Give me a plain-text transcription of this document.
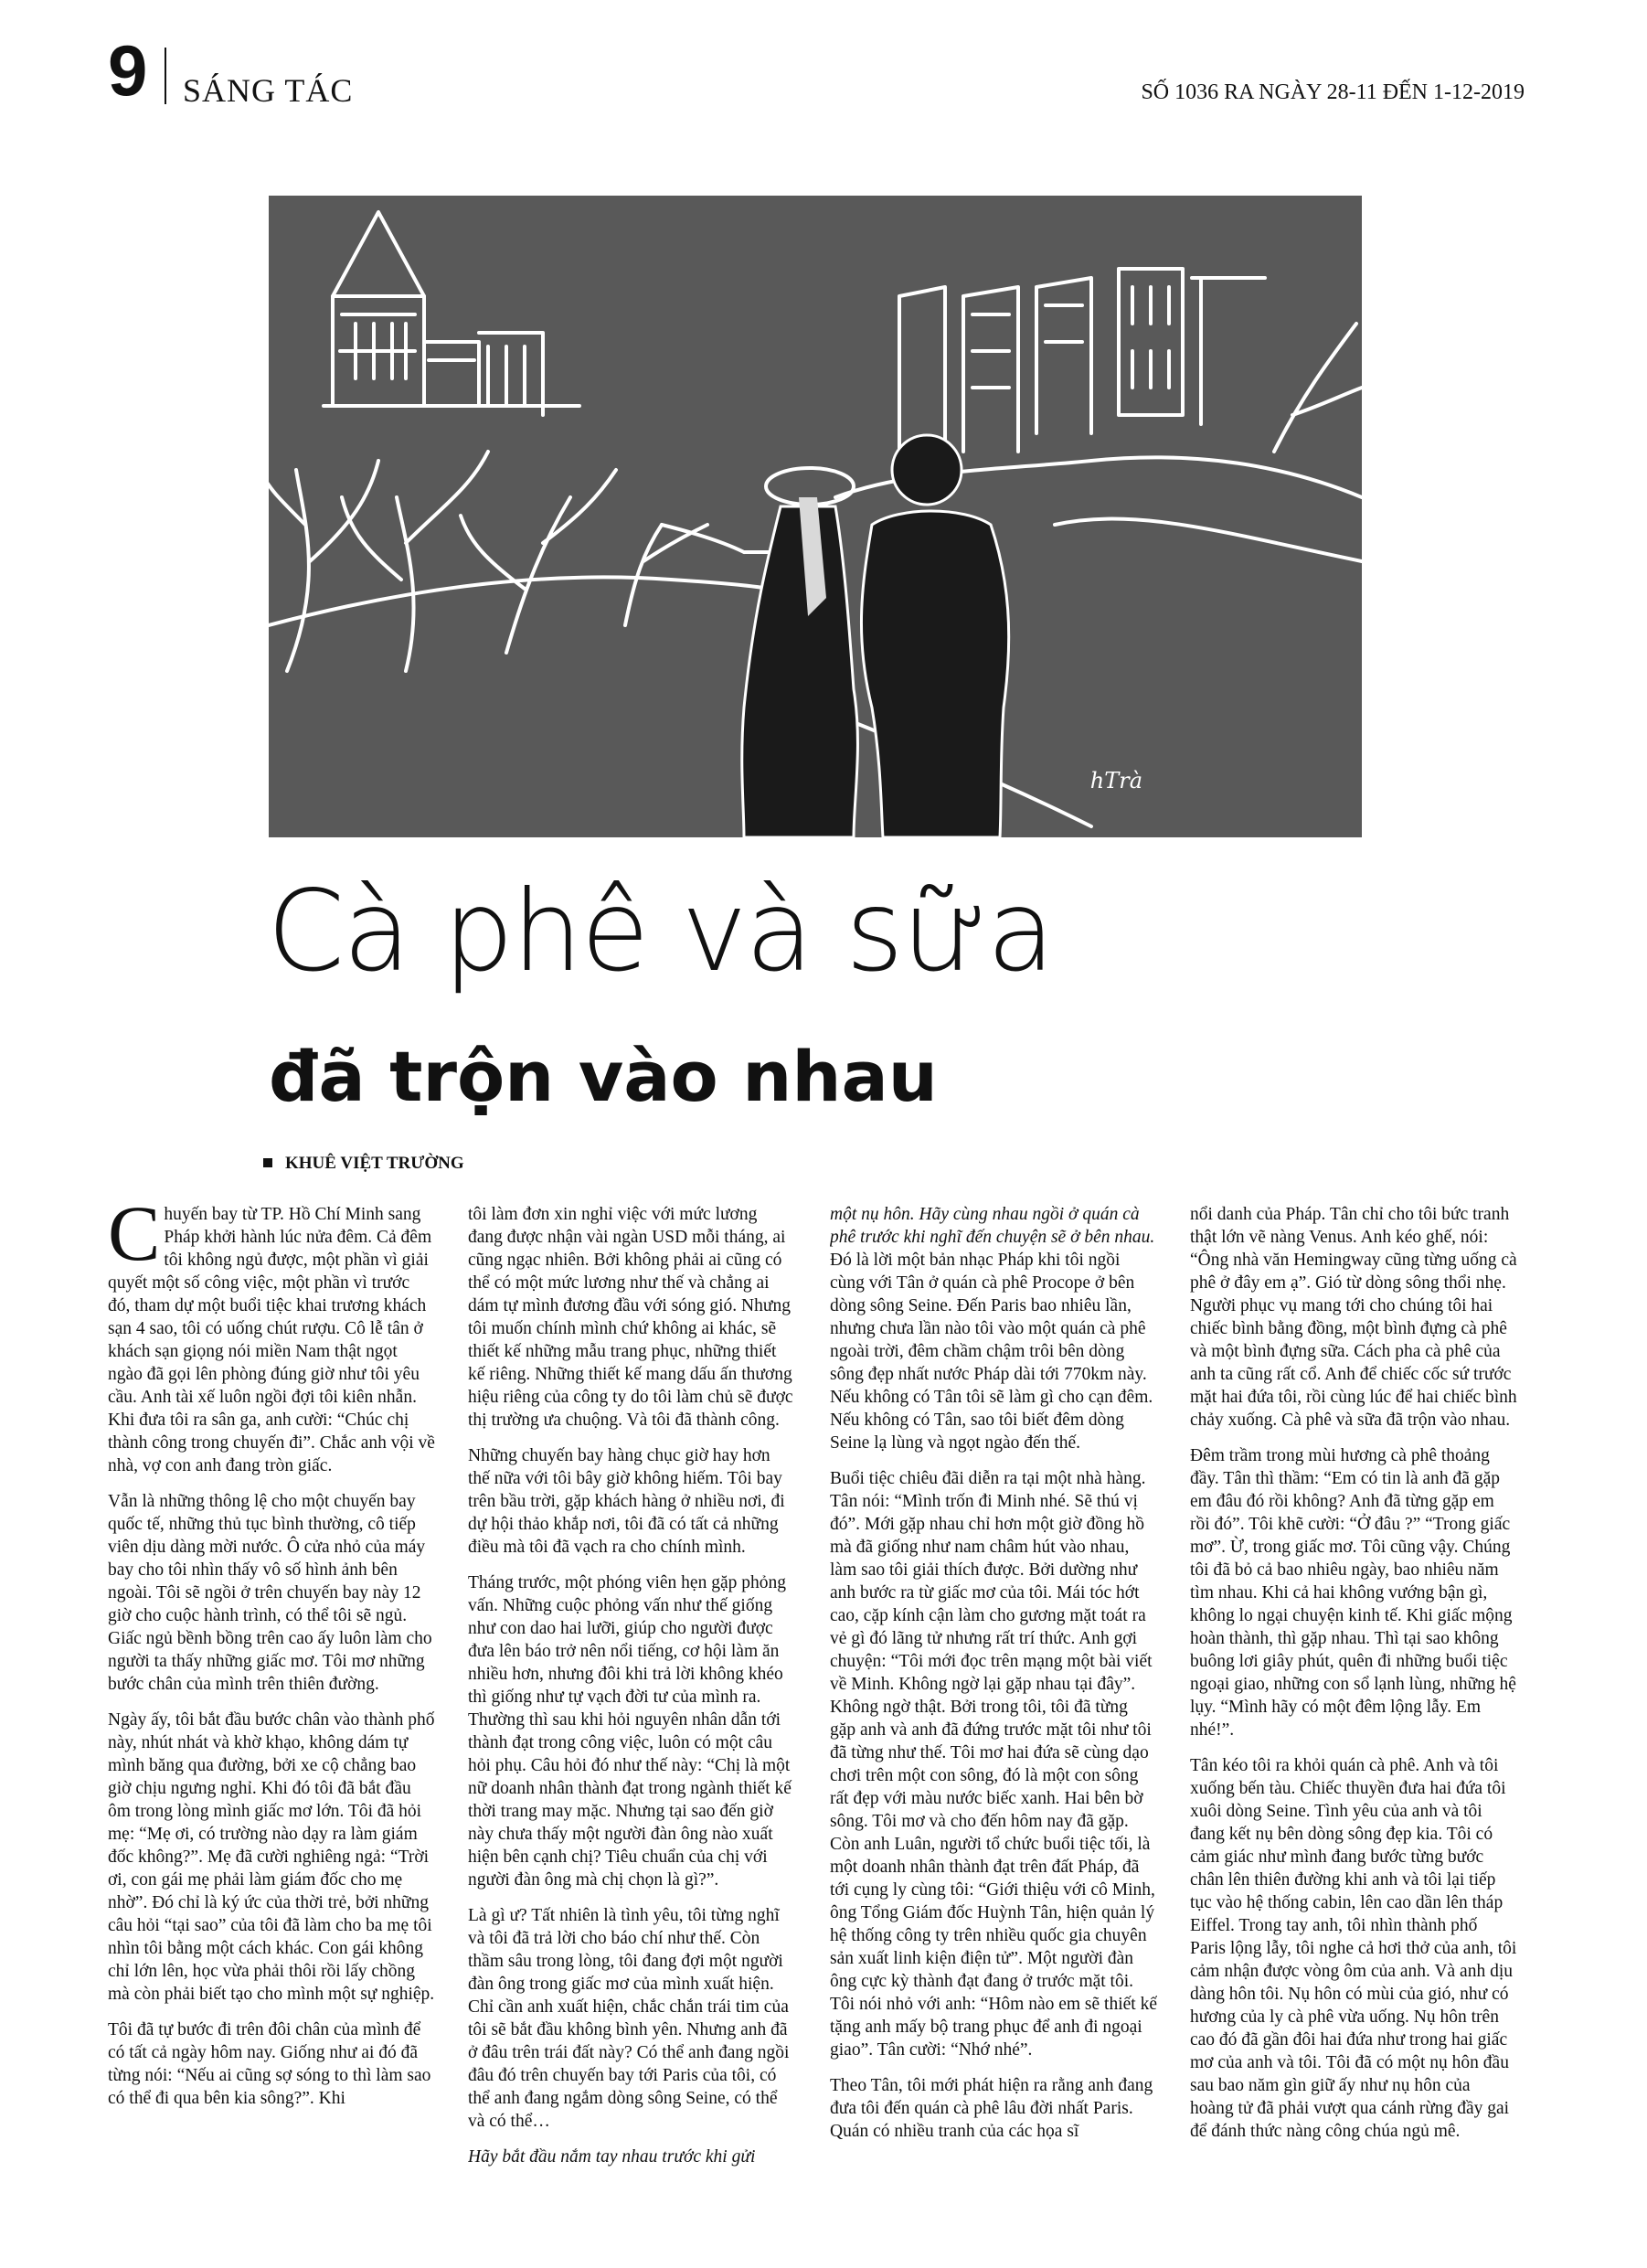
9 SÁNG TÁC	SỐ 1036 RA NGÀY 28-11 ĐẾN 1-12-2019
hTrà
Cà phê và sữa
đã trộn vào nhau
KHUÊ VIỆT TRƯỜNG

Chuyến bay từ TP. Hồ Chí Minh sang Pháp khởi hành lúc nửa đêm. Cả đêm tôi không ngủ được, một phần vì giải quyết một số công việc, một phần vì trước đó, tham dự một buổi tiệc khai trương khách sạn 4 sao, tôi có uống chút rượu. Cô lễ tân ở khách sạn giọng nói miền Nam thật ngọt ngào đã gọi lên phòng đúng giờ như tôi yêu cầu. Anh tài xế luôn ngồi đợi tôi kiên nhẫn. Khi đưa tôi ra sân ga, anh cười: “Chúc chị thành công trong chuyến đi”. Chắc anh vội về nhà, vợ con anh đang tròn giấc.

Vẫn là những thông lệ cho một chuyến bay quốc tế, những thủ tục bình thường, cô tiếp viên dịu dàng mời nước. Ô cửa nhỏ của máy bay cho tôi nhìn thấy vô số hình ảnh bên ngoài. Tôi sẽ ngồi ở trên chuyến bay này 12 giờ cho cuộc hành trình, có thể tôi sẽ ngủ. Giấc ngủ bềnh bồng trên cao ấy luôn làm cho người ta thấy những giấc mơ. Tôi mơ những bước chân của mình trên thiên đường.

Ngày ấy, tôi bắt đầu bước chân vào thành phố này, nhút nhát và khờ khạo, không dám tự mình băng qua đường, bởi xe cộ chẳng bao giờ chịu ngưng nghỉ. Khi đó tôi đã bắt đầu ôm trong lòng mình giấc mơ lớn. Tôi đã hỏi mẹ: “Mẹ ơi, có trường nào dạy ra làm giám đốc không?”. Mẹ đã cười nghiêng ngả: “Trời ơi, con gái mẹ phải làm giám đốc cho mẹ nhờ”. Đó chỉ là ký ức của thời trẻ, bởi những câu hỏi “tại sao” của tôi đã làm cho ba mẹ tôi nhìn tôi bằng một cách khác. Con gái không chỉ lớn lên, học vừa phải thôi rồi lấy chồng mà còn phải biết tạo cho mình một sự nghiệp.

Tôi đã tự bước đi trên đôi chân của mình để có tất cả ngày hôm nay. Giống như ai đó đã từng nói: “Nếu ai cũng sợ sóng to thì làm sao có thể đi qua bên kia sông?”. Khi

tôi làm đơn xin nghỉ việc với mức lương đang được nhận vài ngàn USD mỗi tháng, ai cũng ngạc nhiên. Bởi không phải ai cũng có thể có một mức lương như thế và chẳng ai dám tự mình đương đầu với sóng gió. Nhưng tôi muốn chính mình chứ không ai khác, sẽ thiết kế những mẫu trang phục, những thiết kế riêng. Những thiết kế mang dấu ấn thương hiệu riêng của công ty do tôi làm chủ sẽ được thị trường ưa chuộng. Và tôi đã thành công.

Những chuyến bay hàng chục giờ hay hơn thế nữa với tôi bây giờ không hiếm. Tôi bay trên bầu trời, gặp khách hàng ở nhiều nơi, đi dự hội thảo khắp nơi, tôi đã có tất cả những điều mà tôi đã vạch ra cho chính mình.

Tháng trước, một phóng viên hẹn gặp phỏng vấn. Những cuộc phỏng vấn như thế giống như con dao hai lưỡi, giúp cho người được đưa lên báo trở nên nổi tiếng, cơ hội làm ăn nhiều hơn, nhưng đôi khi trả lời không khéo thì giống như tự vạch đời tư của mình ra. Thường thì sau khi hỏi nguyên nhân dẫn tới thành đạt trong công việc, luôn có một câu hỏi phụ. Câu hỏi đó như thế này: “Chị là một nữ doanh nhân thành đạt trong ngành thiết kế thời trang may mặc. Nhưng tại sao đến giờ này chưa thấy một người đàn ông nào xuất hiện bên cạnh chị? Tiêu chuẩn của chị với người đàn ông mà chị chọn là gì?”.

Là gì ư? Tất nhiên là tình yêu, tôi từng nghĩ và tôi đã trả lời cho báo chí như thế. Còn thầm sâu trong lòng, tôi đang đợi một người đàn ông trong giấc mơ của mình xuất hiện. Chỉ cần anh xuất hiện, chắc chắn trái tim của tôi sẽ bắt đầu không bình yên. Nhưng anh đã ở đâu trên trái đất này? Có thể anh đang ngồi đâu đó trên chuyến bay tới Paris của tôi, có thể anh đang ngắm dòng sông Seine, có thể và có thể…

Hãy bắt đầu nắm tay nhau trước khi gửi

một nụ hôn. Hãy cùng nhau ngồi ở quán cà phê trước khi nghĩ đến chuyện sẽ ở bên nhau. Đó là lời một bản nhạc Pháp khi tôi ngồi cùng với Tân ở quán cà phê Procope ở bên dòng sông Seine. Đến Paris bao nhiêu lần, nhưng chưa lần nào tôi vào một quán cà phê ngoài trời, đêm chầm chậm trôi bên dòng sông đẹp nhất nước Pháp dài tới 770km này. Nếu không có Tân tôi sẽ làm gì cho cạn đêm. Nếu không có Tân, sao tôi biết đêm dòng Seine lạ lùng và ngọt ngào đến thế.

Buổi tiệc chiêu đãi diễn ra tại một nhà hàng. Tân nói: “Mình trốn đi Minh nhé. Sẽ thú vị đó”. Mới gặp nhau chỉ hơn một giờ đồng hồ mà đã giống như nam châm hút vào nhau, làm sao tôi giải thích được. Bởi dường như anh bước ra từ giấc mơ của tôi. Mái tóc hớt cao, cặp kính cận làm cho gương mặt toát ra vẻ gì đó lãng tử nhưng rất trí thức. Anh gợi chuyện: “Tôi mới đọc trên mạng một bài viết về Minh. Không ngờ lại gặp nhau tại đây”. Không ngờ thật. Bởi trong tôi, tôi đã từng gặp anh và anh đã đứng trước mặt tôi như tôi đã từng như thế. Tôi mơ hai đứa sẽ cùng dạo chơi trên một con sông, đó là một con sông rất đẹp với màu nước biếc xanh. Hai bên bờ sông. Tôi mơ và cho đến hôm nay đã gặp. Còn anh Luân, người tổ chức buổi tiệc tối, là một doanh nhân thành đạt trên đất Pháp, đã tới cụng ly cùng tôi: “Giới thiệu với cô Minh, ông Tổng Giám đốc Huỳnh Tân, hiện quản lý hệ thống công ty trên nhiều quốc gia chuyên sản xuất linh kiện điện tử”. Một người đàn ông cực kỳ thành đạt đang ở trước mặt tôi. Tôi nói nhỏ với anh: “Hôm nào em sẽ thiết kế tặng anh mấy bộ trang phục để anh đi ngoại giao”. Tân cười: “Nhớ nhé”.

Theo Tân, tôi mới phát hiện ra rằng anh đang đưa tôi đến quán cà phê lâu đời nhất Paris. Quán có nhiều tranh của các họa sĩ

nổi danh của Pháp. Tân chỉ cho tôi bức tranh thật lớn vẽ nàng Venus. Anh kéo ghế, nói: “Ông nhà văn Hemingway cũng từng uống cà phê ở đây em ạ”. Gió từ dòng sông thổi nhẹ. Người phục vụ mang tới cho chúng tôi hai chiếc bình bằng đồng, một bình đựng cà phê và một bình đựng sữa. Cách pha cà phê của anh ta cũng rất cổ. Anh để chiếc cốc sứ trước mặt hai đứa tôi, rồi cùng lúc để hai chiếc bình chảy xuống. Cà phê và sữa đã trộn vào nhau.

Đêm trầm trong mùi hương cà phê thoảng đầy. Tân thì thầm: “Em có tin là anh đã gặp em đâu đó rồi không? Anh đã từng gặp em rồi đó”. Tôi khẽ cười: “Ở đâu ?” “Trong giấc mơ”. Ừ, trong giấc mơ. Tôi cũng vậy. Chúng tôi đã bỏ cả bao nhiêu ngày, bao nhiêu năm tìm nhau. Khi cả hai không vướng bận gì, không lo ngại chuyện kinh tế. Khi giấc mộng hoàn thành, thì gặp nhau. Thì tại sao không buông lơi giây phút, quên đi những buổi tiệc ngoại giao, những con sổ lạnh lùng, những hệ lụy. “Mình hãy có một đêm lộng lẫy. Em nhé!”.

Tân kéo tôi ra khỏi quán cà phê. Anh và tôi xuống bến tàu. Chiếc thuyền đưa hai đứa tôi xuôi dòng Seine. Tình yêu của anh và tôi đang kết nụ bên dòng sông đẹp kia. Tôi có cảm giác như mình đang bước từng bước chân lên thiên đường khi anh và tôi lại tiếp tục vào hệ thống cabin, lên cao dần lên tháp Eiffel. Trong tay anh, tôi nhìn thành phố Paris lộng lẫy, tôi nghe cả hơi thở của anh, tôi cảm nhận được vòng ôm của anh. Và anh dịu dàng hôn tôi. Nụ hôn có mùi của gió, như có hương của ly cà phê vừa uống. Nụ hôn trên cao đó đã gần đôi hai đứa như trong hai giấc mơ của anh và tôi. Tôi đã có một nụ hôn đầu sau bao năm gìn giữ ấy như nụ hôn của hoàng tử đã phải vượt qua cánh rừng đầy gai để đánh thức nàng công chúa ngủ mê.
